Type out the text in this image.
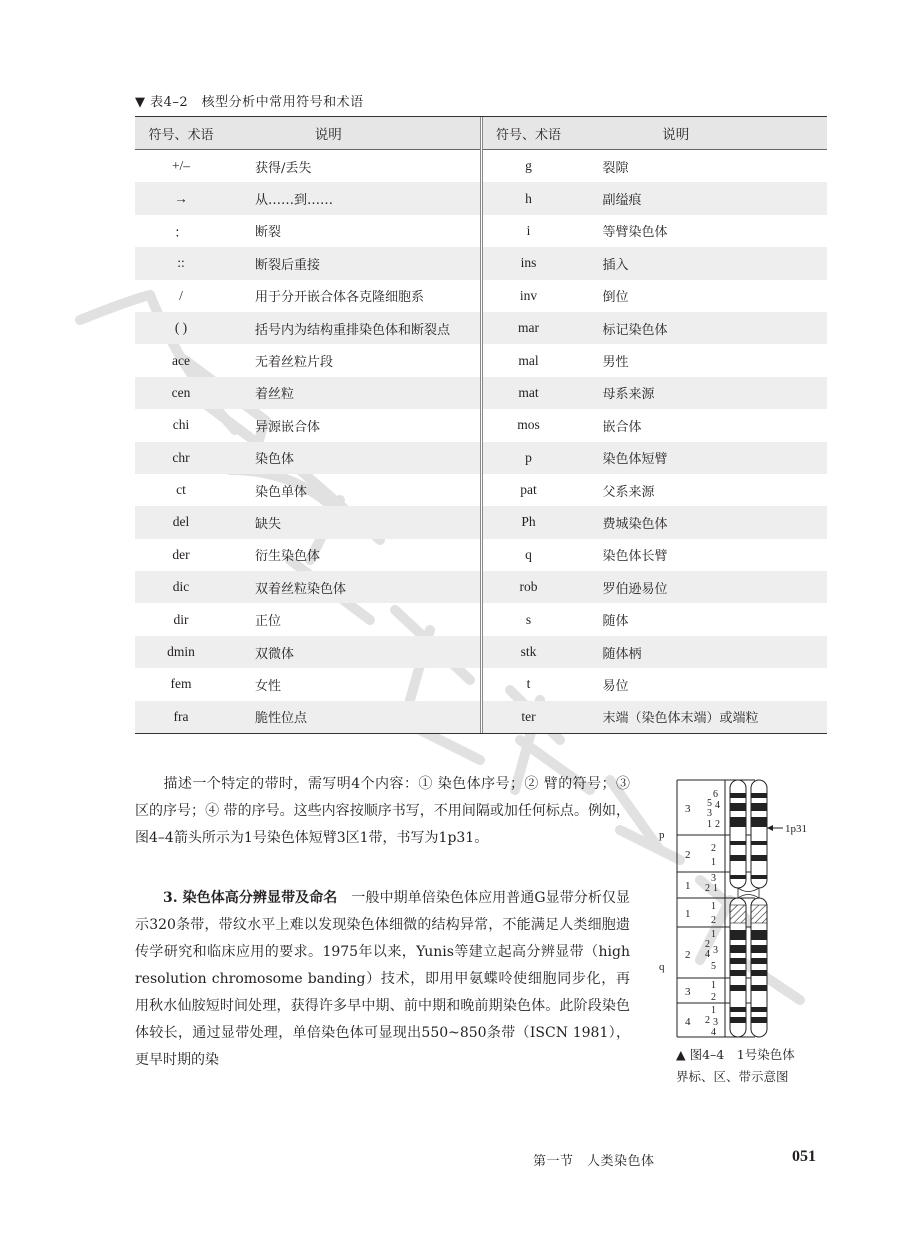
▼ 表4–2　核型分析中常用符号和术语
符号、术语	说明
+/–	获得/丢失
→	从……到……
：	断裂
::	断裂后重接
/	用于分开嵌合体各克隆细胞系
( )	括号内为结构重排染色体和断裂点
ace	无着丝粒片段
cen	着丝粒
chi	异源嵌合体
chr	染色体
ct	染色单体
del	缺失
der	衍生染色体
dic	双着丝粒染色体
dir	正位
dmin	双微体
fem	女性
fra	脆性位点
符号、术语	说明
g	裂隙
h	副缢痕
i	等臂染色体
ins	插入
inv	倒位
mar	标记染色体
mal	男性
mat	母系来源
mos	嵌合体
p	染色体短臂
pat	父系来源
Ph	费城染色体
q	染色体长臂
rob	罗伯逊易位
s	随体
stk	随体柄
t	易位
ter	末端（染色体末端）或端粒

描述一个特定的带时，需写明4个内容：① 染色体序号；② 臂的符号；③ 区的序号；④ 带的序号。这些内容按顺序书写，不用间隔或加任何标点。例如，图4–4箭头所示为1号染色体短臂3区1带，书写为1p31。

3. 染色体高分辨显带及命名　一般中期单倍染色体应用普通G显带分析仅显示320条带，带纹水平上难以发现染色体细微的结构异常，不能满足人类细胞遗传学研究和临床应用的要求。1975年以来，Yunis等建立起高分辨显带（high resolution chromosome banding）技术，即用甲氨蝶呤使细胞同步化，再用秋水仙胺短时间处理，获得许多早中期、前中期和晚前期染色体。此阶段染色体较长，通过显带处理，单倍染色体可显现出550~850条带（ISCN 1981），更早时期的染

p
q
1p31
3
2
1
1
2
3
4
6
5 4
3
1 2
2
1
3
2 1
1
2
1
2
3
4
5
1
2
1
2 3
4
▲ 图4–4　1号染色体
界标、区、带示意图
第一节　人类染色体	051
